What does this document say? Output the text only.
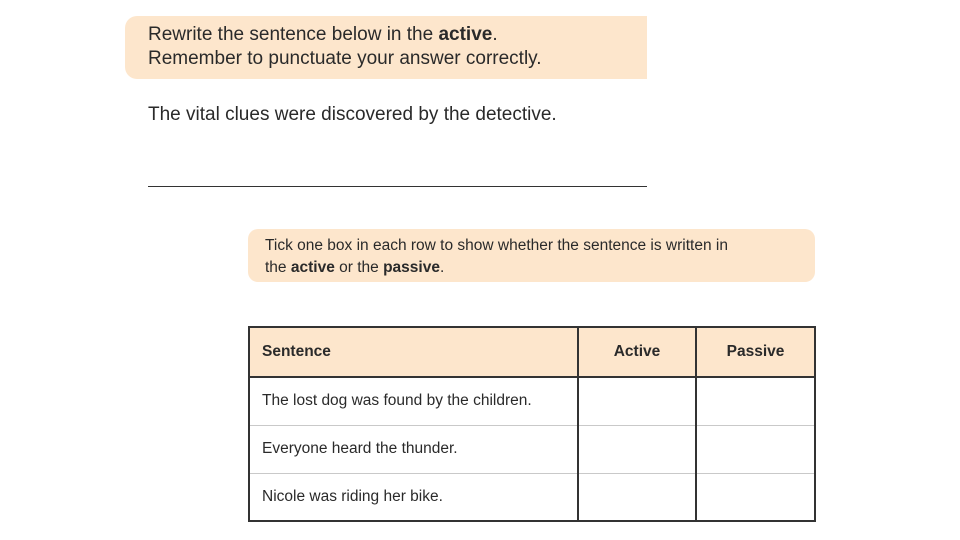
Rewrite the sentence below in the active.
Remember to punctuate your answer correctly.
The vital clues were discovered by the detective.
Tick one box in each row to show whether the sentence is written in
the active or the passive.
Sentence	Active	Passive
The lost dog was found by the children.		
Everyone heard the thunder.		
Nicole was riding her bike.		
